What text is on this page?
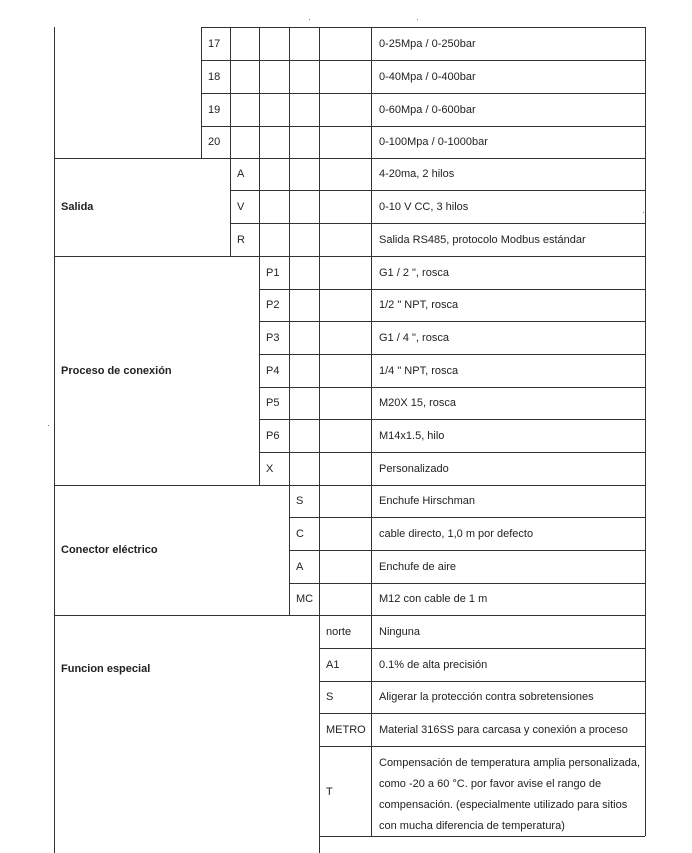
Salida
Proceso de conexión
Conector eléctrico
Funcion especial
17
18
19
20
A
V
R
P1
P2
P3
P4
P5
P6
X
S
C
A
MC
norte
A1
S
METRO
T
0-25Mpa / 0-250bar
0-40Mpa / 0-400bar
0-60Mpa / 0-600bar
0-100Mpa / 0-1000bar
4-20ma, 2 hilos
0-10 V CC, 3 hilos
Salida RS485, protocolo Modbus estándar
G1 / 2 ", rosca
1/2 " NPT, rosca
G1 / 4 ", rosca
1/4 " NPT, rosca
M20X 15, rosca
M14x1.5, hilo
Personalizado
Enchufe Hirschman
cable directo, 1,0 m por defecto
Enchufe de aire
M12 con cable de 1 m
Ninguna
0.1% de alta precisión
Aligerar la protección contra sobretensiones
Material 316SS para carcasa y conexión a proceso
Compensación de temperatura amplia personalizada, como -20 a 60 °C. por favor avise el rango de compensación. (especialmente utilizado para sitios con mucha diferencia de temperatura)
